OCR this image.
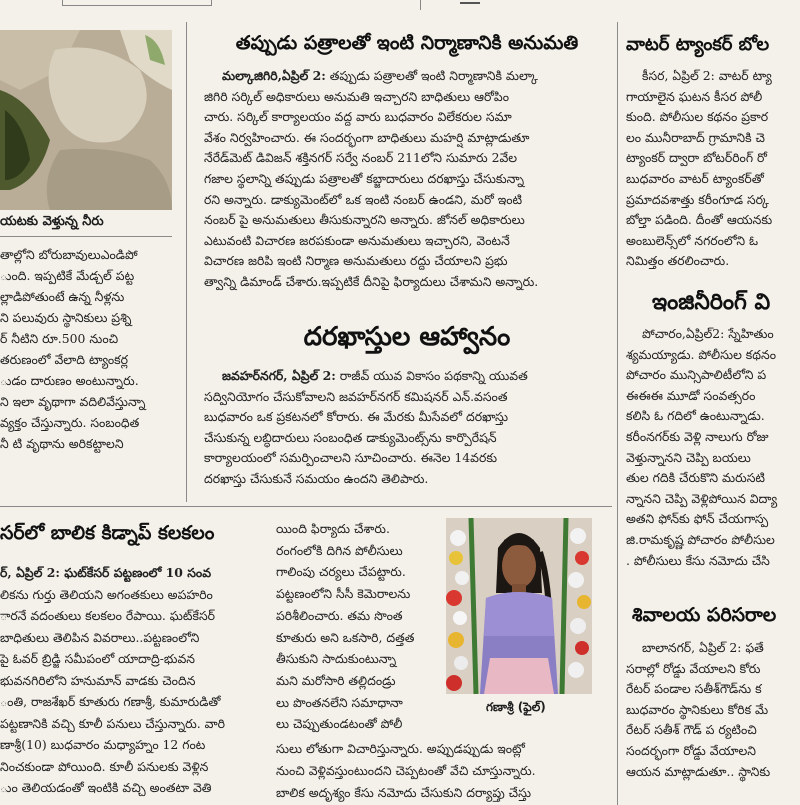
యటకు వెళ్తున్న నీరు
తాల్లోని బోరుబావులుఎండిపో
ుంది. ఇప్పటికే మేడ్చల్ పట్ట
ల్లాడిపోతుంటే ఉన్న నీళ్లను
ని పలువురు స్థానికులు ప్రశ్ని
ర్ నీటిని రూ.500 నుంచి
తరుణంలో వేలాది ట్యాంకర్ల
ుడం దారుణం అంటున్నారు.
ని ఇలా వృథాగా వదిలివేస్తున్నా
వ్యక్తం చేస్తున్నారు. సంబంధిత
నీ టి వృథాను అరికట్టాలని
తప్పుడు పత్రాలతో ఇంటి నిర్మాణానికి అనుమతి
మల్కాజిగిరి,ఏప్రిల్ 2: తప్పుడు పత్రాలతో ఇంటి నిర్మాణానికి మల్కా
జిగిరి సర్కిల్ అధికారులు అనుమతి ఇచ్చారని బాధితులు ఆరోపిం
చారు. సర్కిల్ కార్యాలయం వద్ద వారు బుధవారం విలేకరుల సమా
వేశం నిర్వహించారు. ఈ సందర్భంగా బాధితులు మహర్షి మాట్లాడుతూ
నేరేడ్‌మెట్ డివిజన్ శక్తినగర్ సర్వే నంబర్ 211లోని సుమారు 2వేల
గజాల స్థలాన్ని తప్పుడు పత్రాలతో కబ్జాదారులు దరఖాస్తు చేసుకున్నా
రని అన్నారు. డాక్యుమెంట్‌లో ఒక ఇంటి నంబర్ ఉండని, మరో ఇంటి
నంబర్ పై అనుమతులు తీసుకున్నారని అన్నారు. జోనల్ అధికారులు
ఎటువంటి విచారణ జరపకుండా అనుమతులు ఇచ్చారని, వెంటనే
విచారణ జరిపి ఇంటి నిర్మాణ అనుమతులు రద్దు చేయాలని ప్రభు
త్వాన్ని డిమాండ్ చేశారు.ఇప్పటికే దీనిపై ఫిర్యాదులు చేశామని అన్నారు.
దరఖాస్తుల ఆహ్వానం
జవహర్‌నగర్, ఏప్రిల్ 2: రాజీవ్ యువ వికాసం పథకాన్ని యువత
సద్వినియోగం చేసుకోవాలని జవహర్‌నగర్ కమిషనర్ ఎన్.వసంత
బుధవారం ఒక ప్రకటనలో కోరారు. ఈ మేరకు మీసేవలో దరఖాస్తు
చేసుకున్న లబ్ధిదారులు సంబంధిత డాక్యుమెంట్స్‌ను కార్పొరేషన్
కార్యాలయంలో సమర్పించాలని సూచించారు. ఈనెల 14వరకు
దరఖాస్తు చేసుకునే సమయం ఉందని తెలిపారు.
సర్‌లో బాలిక కిడ్నాప్ కలకలం
ర్, ఏప్రిల్ 2: ఘట్‌కేసర్ పట్టణంలో 10 సంవ
లికను గుర్తు తెలియని అగంతకులు అపహరిం
ారనే వదంతులు కలకలం రేపాయి. ఘట్‌కేసర్
బాధితులు తెలిపిన వివరాలు..పట్టణంలోని
పై ఓవర్ బ్రిడ్జి సమీపంలో యాదాద్రి-భువన
భువనగిరిలోని హనుమాన్ వాడకు చెందిన
ంతి, రాజశేఖర్ కూతురు గణాశ్రీ, కుమారుడితో
పట్టణానికి వచ్చి కూలీ పనులు చేస్తున్నారు. వారి
ణాశ్రీ(10) బుధవారం మధ్యాహ్నం 12 గంట
నించకుండా పోయింది. కూలీ పనులకు వెళ్లిన
ుం తెలియడంతో ఇంటికి వచ్చి అంతటా వెతి
యింది ఫిర్యాదు చేశారు.
రంగంలోకి దిగిన పోలీసులు
గాలింపు చర్యలు చేపట్టారు.
పట్టణంలోని సీసీ కెమెరాలను
పరిశీలించారు. తమ సొంత
కూతురు అని ఒకసారి, దత్తత
తీసుకుని సాదుకుంటున్నా
మని మరోసారి తల్లిదండ్రు
లు పొంతనలేని సమాధానా
లు చెప్పుతుండటంతో పోలీ
సులు లోతుగా విచారిస్తున్నారు. అప్పుడప్పుడు ఇంట్లో
నుంచి వెళ్లివస్తుంటుందని చెప్పటంతో వేచి చూస్తున్నారు.
బాలిక అదృశ్యం కేసు నమోదు చేసుకుని దర్యాప్తు చేస్తు
గణాశ్రీ (ఫైల్)
వాటర్ ట్యాంకర్ బోల
కీసర, ఏప్రిల్ 2: వాటర్ ట్యా
గాయాలైన ఘటన కీసర పోలీ
కుంది. పోలీసుల కథనం ప్రకార
లం మునీరాబాద్ గ్రామానికి చె
ట్యాంకర్ ద్వారా బోటర్‌రింగ్ రో
బుధవారం వాటర్ ట్యాంకర్‌తో
ప్రమాదవశాత్తు కరీంగూడ సర్క
బోల్తా పడింది. దీంతో ఆయనకు
అంబులెన్స్‌లో నగరంలోని ఓ
నిమిత్తం తరలించారు.
ఇంజినీరింగ్ వి
పోచారం,ఏప్రిల్2: స్నేహితుం
శ్యమయ్యాడు. పోలీసుల కథనం
పోచారం మున్సిపాలిటీలోని ప
ఈఈఈ మూడో సంవత్సరం
కలిసి ఓ గదిలో ఉంటున్నాడు.
కరీంనగర్‌కు వెళ్లి నాలుగు రోజు
వెళ్తున్నానని చెప్పి బయలు
తుల గదికి చేరుకొని మరుసటి
న్నానని చెప్పి వెళ్లిపోయిన విద్యా
అతని ఫోన్‌కు ఫోన్ చేయగాస్ప
జి.రామకృష్ణ పోచారం పోలీసుల
. పోలీసులు కేసు నమోదు చేసి
శివాలయ పరిసరాల
బాలానగర్, ఏప్రిల్ 2: ఫతే
సరాల్లో రోడ్డు వేయాలని కోరు
రేటర్ పండాల సతీశ్‌గౌడ్‌ను క
బుధవారం స్థానికులు కోరిక మే
రేటర్ సతీశ్ గౌడ్ ప ర్యటించి
సందర్భంగా రోడ్డు వేయాలని
ఆయన మాట్లాడుతూ.. స్థానికు
